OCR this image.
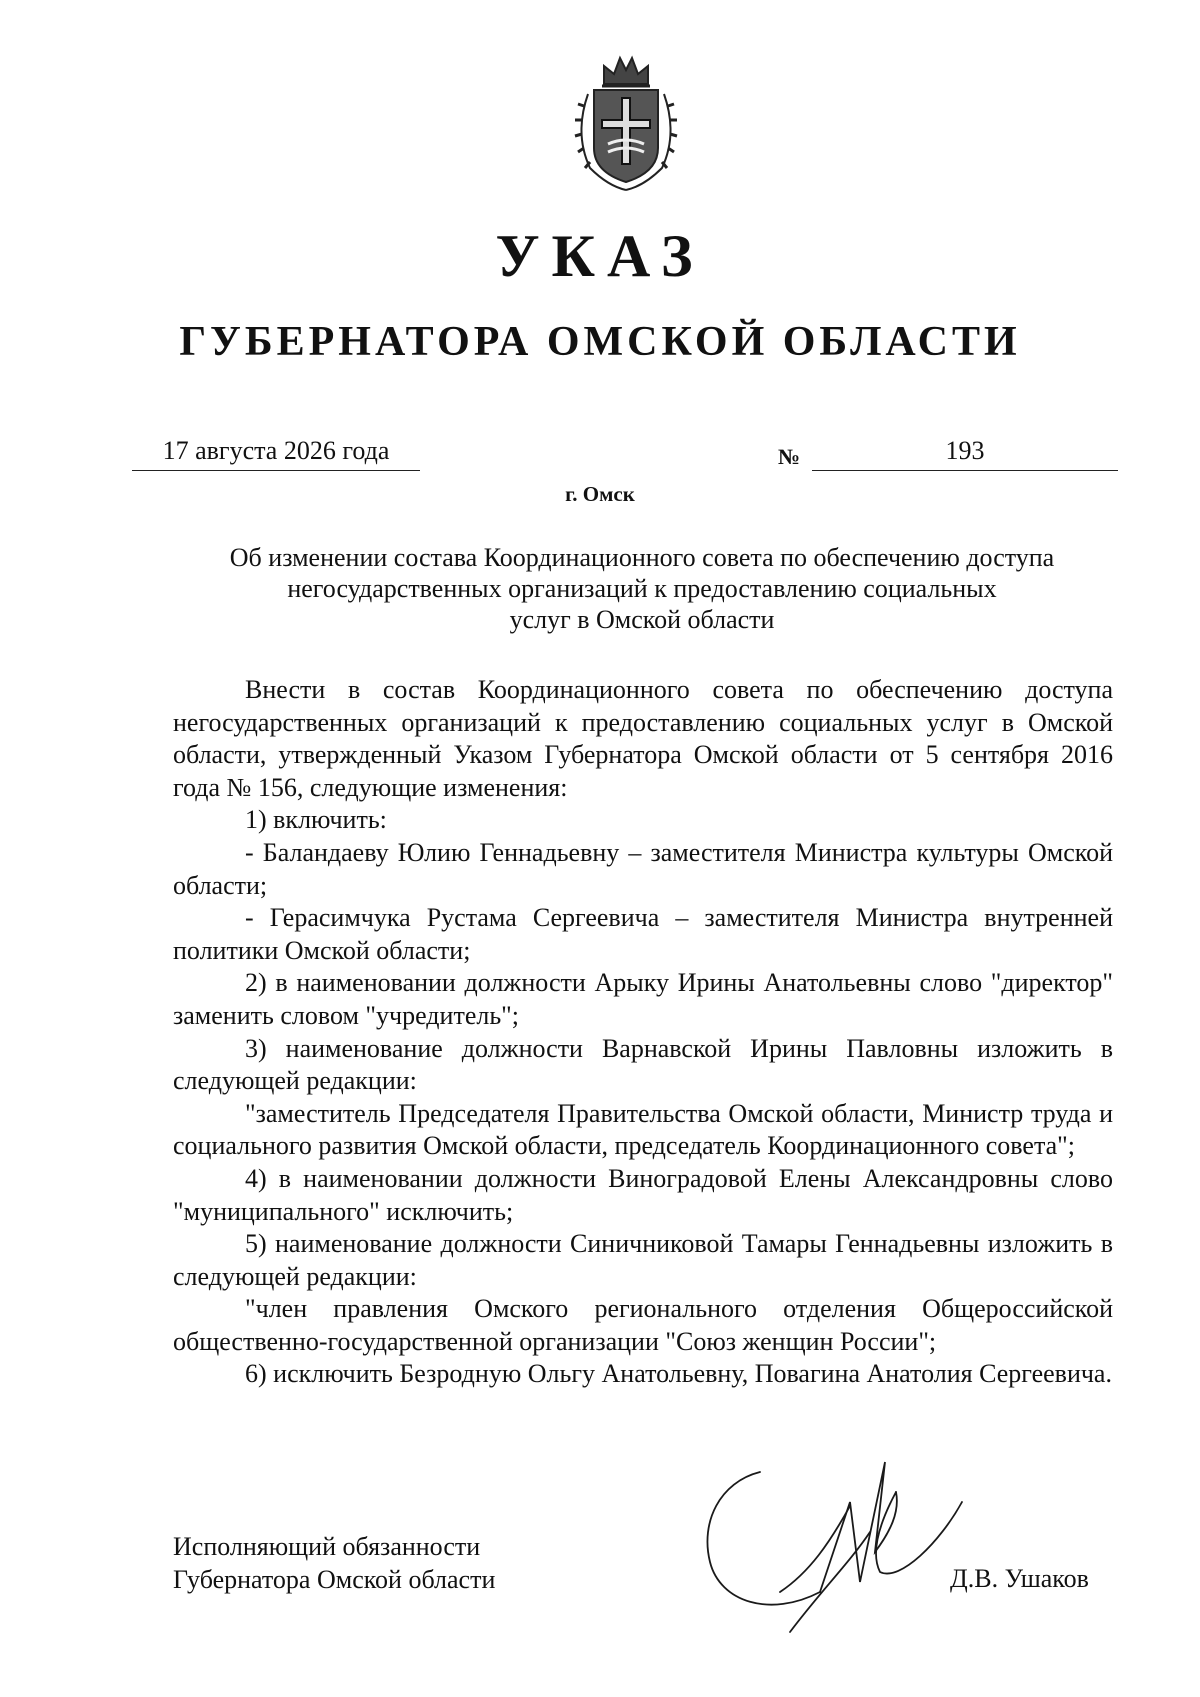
УКАЗ
ГУБЕРНАТОРА ОМСКОЙ ОБЛАСТИ
17 августа 2026 года	№	193
г. Омск
Об изменении состава Координационного совета по обеспечению доступа
негосударственных организаций к предоставлению социальных
услуг в Омской области

Внести в состав Координационного совета по обеспечению доступа негосударственных организаций к предоставлению социальных услуг в Омской области, утвержденный Указом Губернатора Омской области от 5 сентября 2016 года № 156, следующие изменения:

1) включить:

- Баландаеву Юлию Геннадьевну – заместителя Министра культуры Омской области;

- Герасимчука Рустама Сергеевича – заместителя Министра внутренней политики Омской области;

2) в наименовании должности Арыку Ирины Анатольевны слово "директор" заменить словом "учредитель";

3) наименование должности Варнавской Ирины Павловны изложить в следующей редакции:

"заместитель Председателя Правительства Омской области, Министр труда и социального развития Омской области, председатель Координационного совета";

4) в наименовании должности Виноградовой Елены Александровны слово "муниципального" исключить;

5) наименование должности Синичниковой Тамары Геннадьевны изложить в следующей редакции:

"член правления Омского регионального отделения Общероссийской общественно-государственной организации "Союз женщин России";

6) исключить Безродную Ольгу Анатольевну, Повагина Анатолия Сергеевича.

Исполняющий обязанности
Губернатора Омской области	Д.В. Ушаков
